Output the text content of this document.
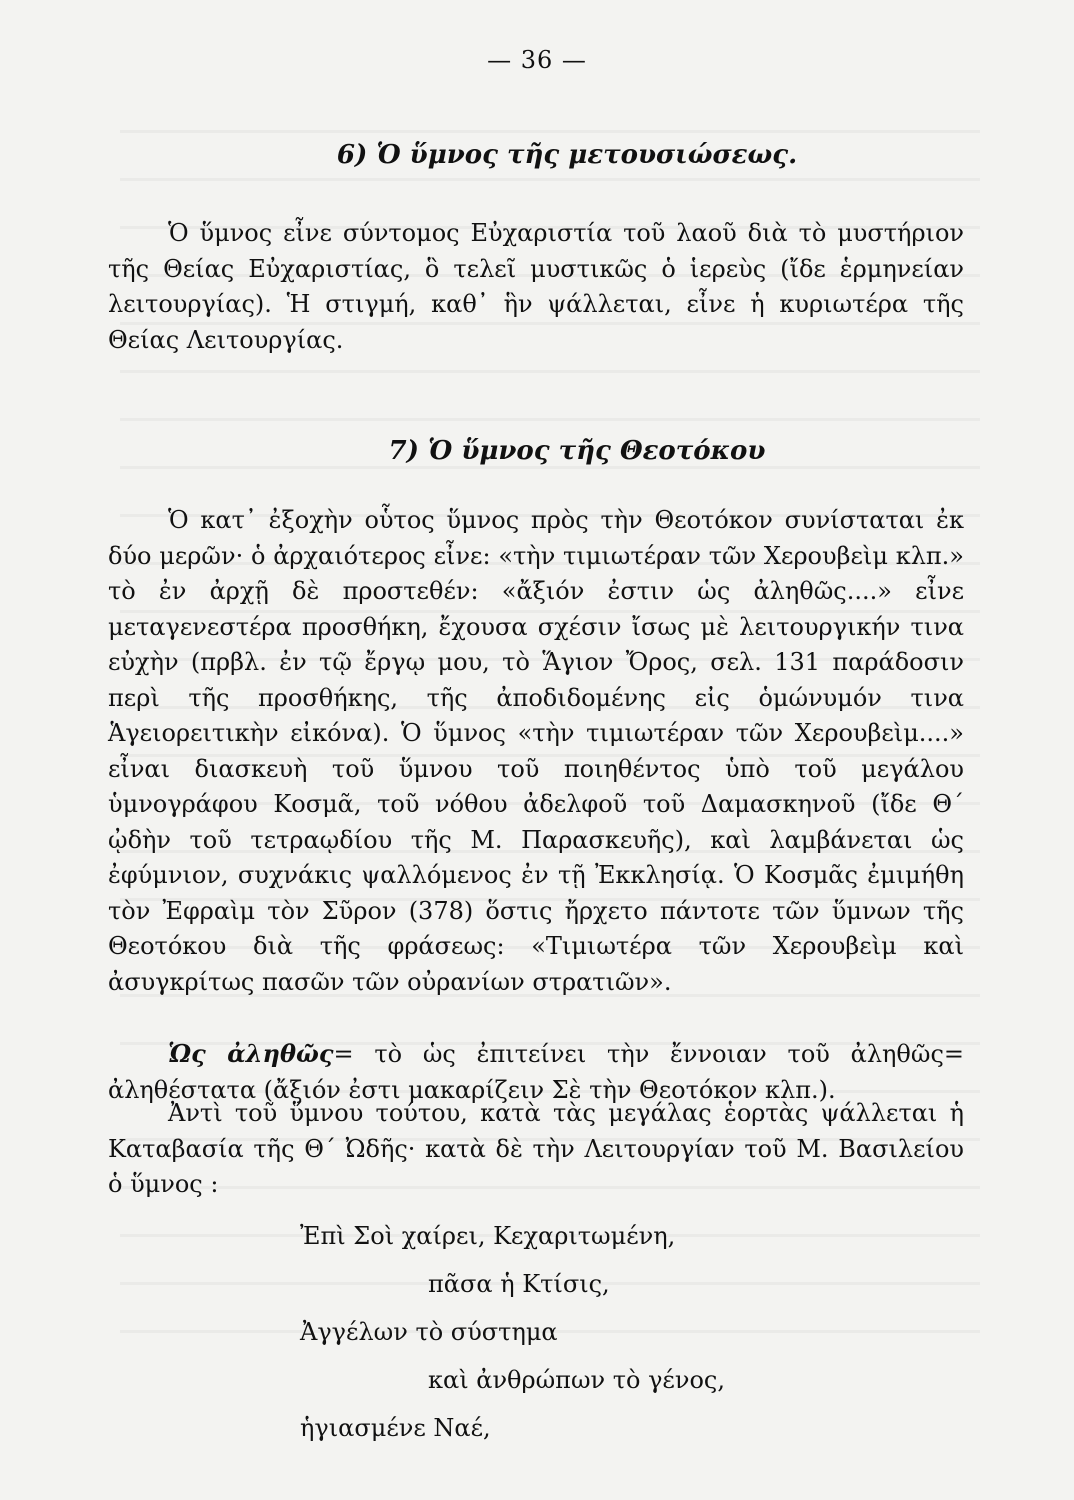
— 36 —
6) Ὁ ὕμνος τῆς μετουσιώσεως.

Ὁ ὕμνος εἶνε σύντομος Εὐχαριστία τοῦ λαοῦ διὰ τὸ μυστήριον τῆς Θείας Εὐχαριστίας, ὃ τελεῖ μυστικῶς ὁ ἱερεὺς (ἴδε ἑρμηνείαν λειτουργίας). Ἡ στιγμή, καθ᾿ ἣν ψάλλεται, εἶνε ἡ κυριωτέρα τῆς Θείας Λειτουργίας.

7) Ὁ ὕμνος τῆς Θεοτόκου

Ὁ κατ᾿ ἐξοχὴν οὗτος ὕμνος πρὸς τὴν Θεοτόκον συνίσταται ἐκ δύο μερῶν· ὁ ἀρχαιότερος εἶνε: «τὴν τιμιωτέραν τῶν Χερουβεὶμ κλπ.» τὸ ἐν ἀρχῇ δὲ προστεθέν: «ἄξιόν ἐστιν ὡς ἀληθῶς....» εἶνε μεταγενεστέρα προσθήκη, ἔχουσα σχέσιν ἴσως μὲ λειτουργικήν τινα εὐχὴν (πρβλ. ἐν τῷ ἔργῳ μου, τὸ Ἅγιον Ὄρος, σελ. 131 παράδοσιν περὶ τῆς προσθήκης, τῆς ἀποδιδομένης εἰς ὁμώνυμόν τινα Ἁγειορειτικὴν εἰκόνα). Ὁ ὕμνος «τὴν τιμιωτέραν τῶν Χερουβεὶμ....» εἶναι διασκευὴ τοῦ ὕμνου τοῦ ποιηθέντος ὑπὸ τοῦ μεγάλου ὑμνογράφου Κοσμᾶ, τοῦ νόθου ἀδελφοῦ τοῦ Δαμασκηνοῦ (ἴδε Θ´ ᾠδὴν τοῦ τετραῳδίου τῆς Μ. Παρασκευῆς), καὶ λαμβάνεται ὡς ἐφύμνιον, συχνάκις ψαλλόμενος ἐν τῇ Ἐκκλησίᾳ. Ὁ Κοσμᾶς ἐμιμήθη τὸν Ἐφραὶμ τὸν Σῦρον (378) ὅστις ἤρχετο πάντοτε τῶν ὕμνων τῆς Θεοτόκου διὰ τῆς φράσεως: «Τιμιωτέρα τῶν Χερουβεὶμ καὶ ἀσυγκρίτως πασῶν τῶν οὐρανίων στρατιῶν».

Ὡς ἀληθῶς= τὸ ὡς ἐπιτείνει τὴν ἔννοιαν τοῦ ἀληθῶς= ἀληθέστατα (ἄξιόν ἐστι μακαρίζειν Σὲ τὴν Θεοτόκον κλπ.).

Ἀντὶ τοῦ ὕμνου τούτου, κατὰ τὰς μεγάλας ἑορτὰς ψάλλεται ἡ Καταβασία τῆς Θ´ Ὠδῆς· κατὰ δὲ τὴν Λειτουργίαν τοῦ Μ. Βασιλείου ὁ ὕμνος :

Ἐπὶ Σοὶ χαίρει, Κεχαριτωμένη,
πᾶσα ἡ Κτίσις,
Ἀγγέλων τὸ σύστημα
καὶ ἀνθρώπων τὸ γένος,
ἡγιασμένε Ναέ,
